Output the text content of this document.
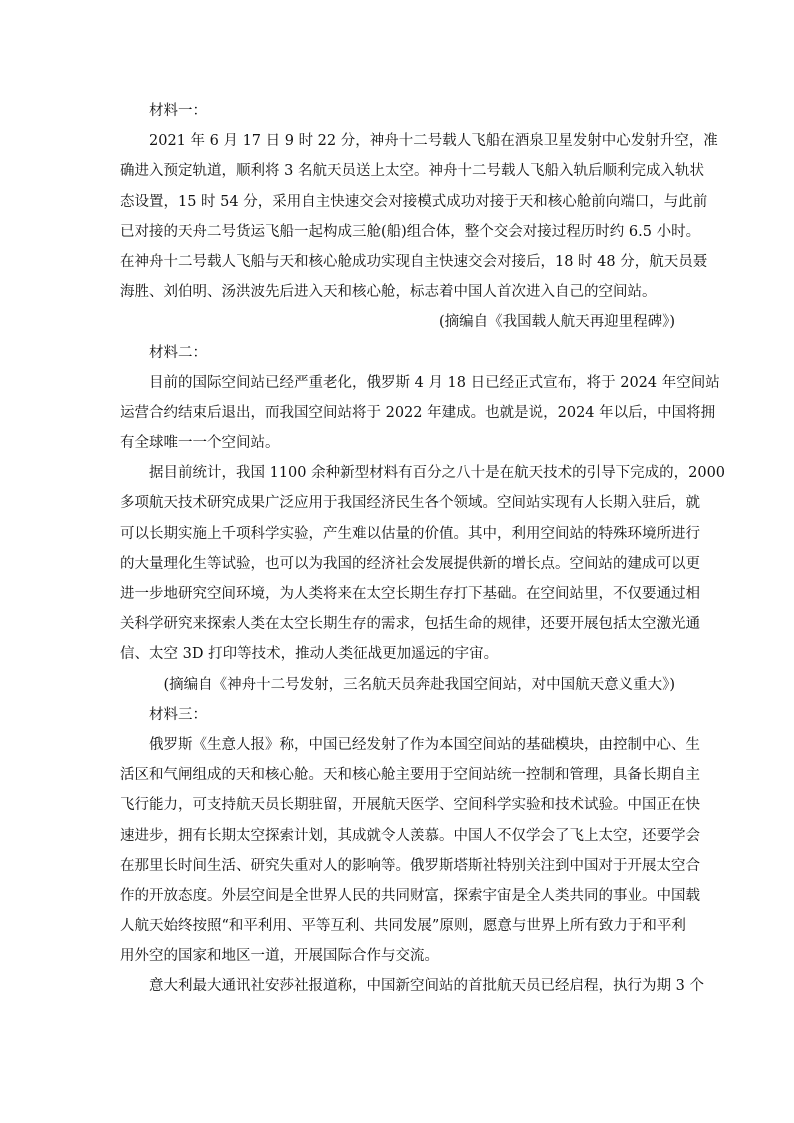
材料一：
2021 年 6 月 17 日 9 时 22 分，神舟十二号载人飞船在酒泉卫星发射中心发射升空，准
确进入预定轨道，顺利将 3 名航天员送上太空。神舟十二号载人飞船入轨后顺利完成入轨状
态设置，15 时 54 分，采用自主快速交会对接模式成功对接于天和核心舱前向端口，与此前
已对接的天舟二号货运飞船一起构成三舱(船)组合体，整个交会对接过程历时约 6.5 小时。
在神舟十二号载人飞船与天和核心舱成功实现自主快速交会对接后，18 时 48 分，航天员聂
海胜、刘伯明、汤洪波先后进入天和核心舱，标志着中国人首次进入自己的空间站。
(摘编自《我国载人航天再迎里程碑》)
材料二：
目前的国际空间站已经严重老化，俄罗斯 4 月 18 日已经正式宣布，将于 2024 年空间站
运营合约结束后退出，而我国空间站将于 2022 年建成。也就是说，2024 年以后，中国将拥
有全球唯一一个空间站。
据目前统计，我国 1100 余种新型材料有百分之八十是在航天技术的引导下完成的，2000
多项航天技术研究成果广泛应用于我国经济民生各个领域。空间站实现有人长期入驻后，就
可以长期实施上千项科学实验，产生难以估量的价值。其中，利用空间站的特殊环境所进行
的大量理化生等试验，也可以为我国的经济社会发展提供新的增长点。空间站的建成可以更
进一步地研究空间环境，为人类将来在太空长期生存打下基础。在空间站里，不仅要通过相
关科学研究来探索人类在太空长期生存的需求，包括生命的规律，还要开展包括太空激光通
信、太空 3D 打印等技术，推动人类征战更加遥远的宇宙。
(摘编自《神舟十二号发射，三名航天员奔赴我国空间站，对中国航天意义重大》)
材料三：
俄罗斯《生意人报》称，中国已经发射了作为本国空间站的基础模块，由控制中心、生
活区和气闸组成的天和核心舱。天和核心舱主要用于空间站统一控制和管理，具备长期自主
飞行能力，可支持航天员长期驻留，开展航天医学、空间科学实验和技术试验。中国正在快
速进步，拥有长期太空探索计划，其成就令人羡慕。中国人不仅学会了飞上太空，还要学会
在那里长时间生活、研究失重对人的影响等。俄罗斯塔斯社特别关注到中国对于开展太空合
作的开放态度。外层空间是全世界人民的共同财富，探索宇宙是全人类共同的事业。中国载
人航天始终按照“和平利用、平等互利、共同发展”原则，愿意与世界上所有致力于和平利
用外空的国家和地区一道，开展国际合作与交流。
意大利最大通讯社安莎社报道称，中国新空间站的首批航天员已经启程，执行为期 3 个
